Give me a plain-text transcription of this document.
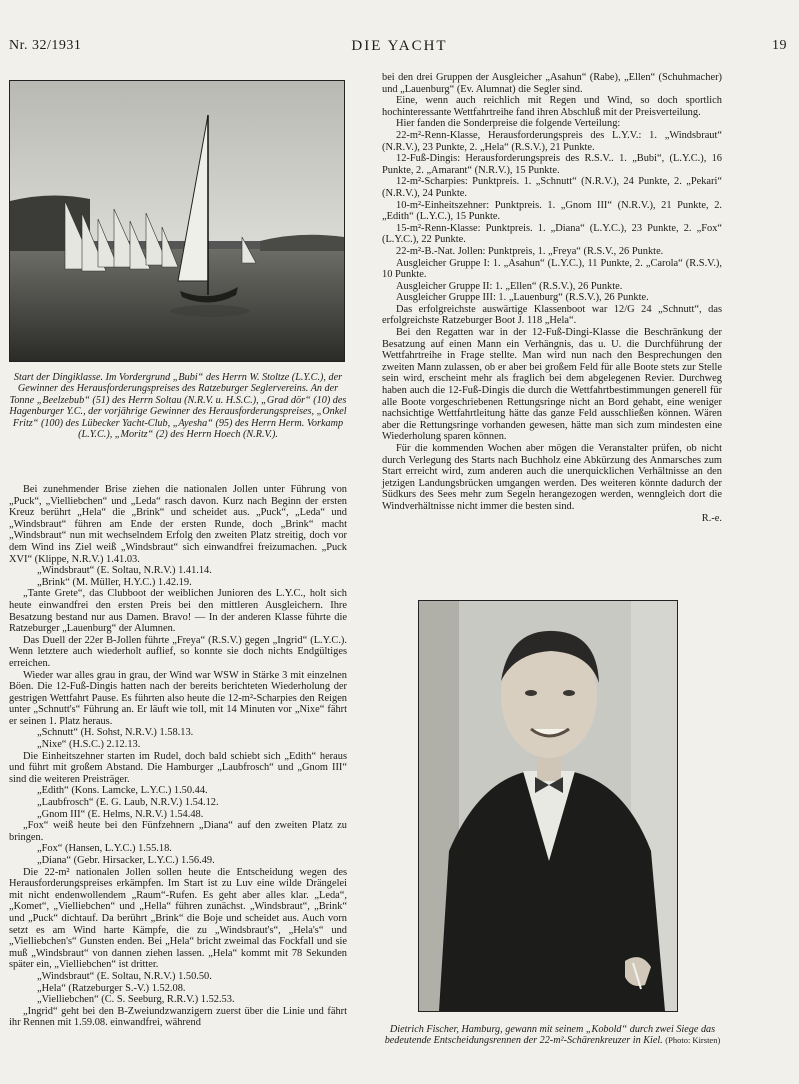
Nr. 32/1931	DIE YACHT	19
Start der Dingiklasse. Im Vordergrund „Bubi“ des Herrn W. Stoltze (L.Y.C.), der Gewinner des Herausforderungspreises des Ratzeburger Seglervereins. An der Tonne „Beelzebub“ (51) des Herrn Soltau (N.R.V. u. H.S.C.), „Grad dör“ (10) des Hagenburger Y.C., der vorjährige Gewinner des Herausforderungspreises, „Onkel Fritz“ (100) des Lübecker Yacht-Club, „Ayesha“ (95) des Herrn Herm. Vorkamp (L.Y.C.), „Moritz“ (2) des Herrn Hoech (N.R.V.).

Bei zunehmender Brise ziehen die nationalen Jollen unter Führung von „Puck“, „Vielliebchen“ und „Leda“ rasch davon. Kurz nach Beginn der ersten Kreuz berührt „Hela“ die „Brink“ und scheidet aus. „Puck“, „Leda“ und „Windsbraut“ führen am Ende der ersten Runde, doch „Brink“ macht „Windsbraut“ nun mit wechselndem Erfolg den zweiten Platz streitig, doch vor dem Wind ins Ziel weiß „Windsbraut“ sich einwandfrei freizumachen. „Puck XVI“ (Klippe, N.R.V.) 1.41.03.

„Windsbraut“ (E. Soltau, N.R.V.) 1.41.14.

„Brink“ (M. Müller, H.Y.C.) 1.42.19.

„Tante Grete“, das Clubboot der weiblichen Junioren des L.Y.C., holt sich heute einwandfrei den ersten Preis bei den mittleren Ausgleichern. Ihre Besatzung bestand nur aus Damen. Bravo! — In der anderen Klasse führte die Ratzeburger „Lauenburg“ der Alumnen.

Das Duell der 22er B-Jollen führte „Freya“ (R.S.V.) gegen „Ingrid“ (L.Y.C.). Wenn letztere auch wiederholt auflief, so konnte sie doch nichts Endgültiges erreichen.

Wieder war alles grau in grau, der Wind war WSW in Stärke 3 mit einzelnen Böen. Die 12-Fuß-Dingis hatten nach der bereits berichteten Wiederholung der gestrigen Wettfahrt Pause. Es führten also heute die 12-m²-Scharpies den Reigen unter „Schnutt's“ Führung an. Er läuft wie toll, mit 14 Minuten vor „Nixe“ fährt er seinen 1. Platz heraus.

„Schnutt“ (H. Sohst, N.R.V.) 1.58.13.

„Nixe“ (H.S.C.) 2.12.13.

Die Einheitszehner starten im Rudel, doch bald schiebt sich „Edith“ heraus und führt mit großem Abstand. Die Hamburger „Laubfrosch“ und „Gnom III“ sind die weiteren Preisträger.

„Edith“ (Kons. Lamcke, L.Y.C.) 1.50.44.

„Laubfrosch“ (E. G. Laub, N.R.V.) 1.54.12.

„Gnom III“ (E. Helms, N.R.V.) 1.54.48.

„Fox“ weiß heute bei den Fünfzehnern „Diana“ auf den zweiten Platz zu bringen.

„Fox“ (Hansen, L.Y.C.) 1.55.18.

„Diana“ (Gebr. Hirsacker, L.Y.C.) 1.56.49.

Die 22-m² nationalen Jollen sollen heute die Entscheidung wegen des Herausforderungspreises erkämpfen. Im Start ist zu Luv eine wilde Drängelei mit nicht endenwollendem „Raum“-Rufen. Es geht aber alles klar. „Leda“, „Komet“, „Vielliebchen“ und „Hella“ führen zunächst. „Windsbraut“, „Brink“ und „Puck“ dichtauf. Da berührt „Brink“ die Boje und scheidet aus. Auch vorn setzt es am Wind harte Kämpfe, die zu „Windsbraut's“, „Hela's“ und „Vielliebchen's“ Gunsten enden. Bei „Hela“ bricht zweimal das Fockfall und sie muß „Windsbraut“ von dannen ziehen lassen. „Hela“ kommt mit 78 Sekunden später ein, „Vielliebchen“ ist dritter.

„Windsbraut“ (E. Soltau, N.R.V.) 1.50.50.

„Hela“ (Ratzeburger S.-V.) 1.52.08.

„Vielliebchen“ (C. S. Seeburg, R.R.V.) 1.52.53.

„Ingrid“ geht bei den B-Zweiundzwanzigern zuerst über die Linie und fährt ihr Rennen mit 1.59.08. einwandfrei, während

bei den drei Gruppen der Ausgleicher „Asahun“ (Rabe), „Ellen“ (Schuhmacher) und „Lauenburg“ (Ev. Alumnat) die Segler sind.

Eine, wenn auch reichlich mit Regen und Wind, so doch sportlich hochinteressante Wettfahrtreihe fand ihren Abschluß mit der Preisverteilung.

Hier fanden die Sonderpreise die folgende Verteilung:

22-m²-Renn-Klasse, Herausforderungspreis des L.Y.V.: 1. „Windsbraut“ (N.R.V.), 23 Punkte, 2. „Hela“ (R.S.V.), 21 Punkte.

12-Fuß-Dingis: Herausforderungspreis des R.S.V.. 1. „Bubi“, (L.Y.C.), 16 Punkte, 2. „Amarant“ (N.R.V.), 15 Punkte.

12-m²-Scharpies: Punktpreis. 1. „Schnutt“ (N.R.V.), 24 Punkte, 2. „Pekari“ (N.R.V.), 24 Punkte.

10-m²-Einheitszehner: Punktpreis. 1. „Gnom III“ (N.R.V.), 21 Punkte, 2. „Edith“ (L.Y.C.), 15 Punkte.

15-m²-Renn-Klasse: Punktpreis. 1. „Diana“ (L.Y.C.), 23 Punkte, 2. „Fox“ (L.Y.C.), 22 Punkte.

22-m²-B.-Nat. Jollen: Punktpreis, 1. „Freya“ (R.S.V., 26 Punkte.

Ausgleicher Gruppe I: 1. „Asahun“ (L.Y.C.), 11 Punkte, 2. „Carola“ (R.S.V.), 10 Punkte.

Ausgleicher Gruppe II: 1. „Ellen“ (R.S.V.), 26 Punkte.

Ausgleicher Gruppe III: 1. „Lauenburg“ (R.S.V.), 26 Punkte.

Das erfolgreichste auswärtige Klassenboot war 12/G 24 „Schnutt“, das erfolgreichste Ratzeburger Boot J. 118 „Hela“.

Bei den Regatten war in der 12-Fuß-Dingi-Klasse die Beschränkung der Besatzung auf einen Mann ein Verhängnis, das u. U. die Durchführung der Wettfahrtreihe in Frage stellte. Man wird nun nach den Besprechungen den zweiten Mann zulassen, ob er aber bei großem Feld für alle Boote stets zur Stelle sein wird, erscheint mehr als fraglich bei dem abgelegenen Revier. Durchweg haben auch die 12-Fuß-Dingis die durch die Wettfahrtbestimmungen generell für alle Boote vorgeschriebenen Rettungsringe nicht an Bord gehabt, eine weniger nachsichtige Wettfahrtleitung hätte das ganze Feld ausschließen können. Wären aber die Rettungsringe vorhanden gewesen, hätte man sich zum mindesten eine Wiederholung sparen können.

Für die kommenden Wochen aber mögen die Veranstalter prüfen, ob nicht durch Verlegung des Starts nach Buchholz eine Abkürzung des Anmarsches zum Start erreicht wird, zum anderen auch die unerquicklichen Verhältnisse an den jetzigen Landungsbrücken umgangen werden. Des weiteren könnte dadurch der Südkurs des Sees mehr zum Segeln herangezogen werden, wenngleich dort die Windverhältnisse nicht immer die besten sind.

R.-e.

Dietrich Fischer, Hamburg, gewann mit seinem „Kobold“ durch zwei Siege das bedeutende Entscheidungsrennen der 22-m²-Schärenkreuzer in Kiel. (Photo: Kirsten)
